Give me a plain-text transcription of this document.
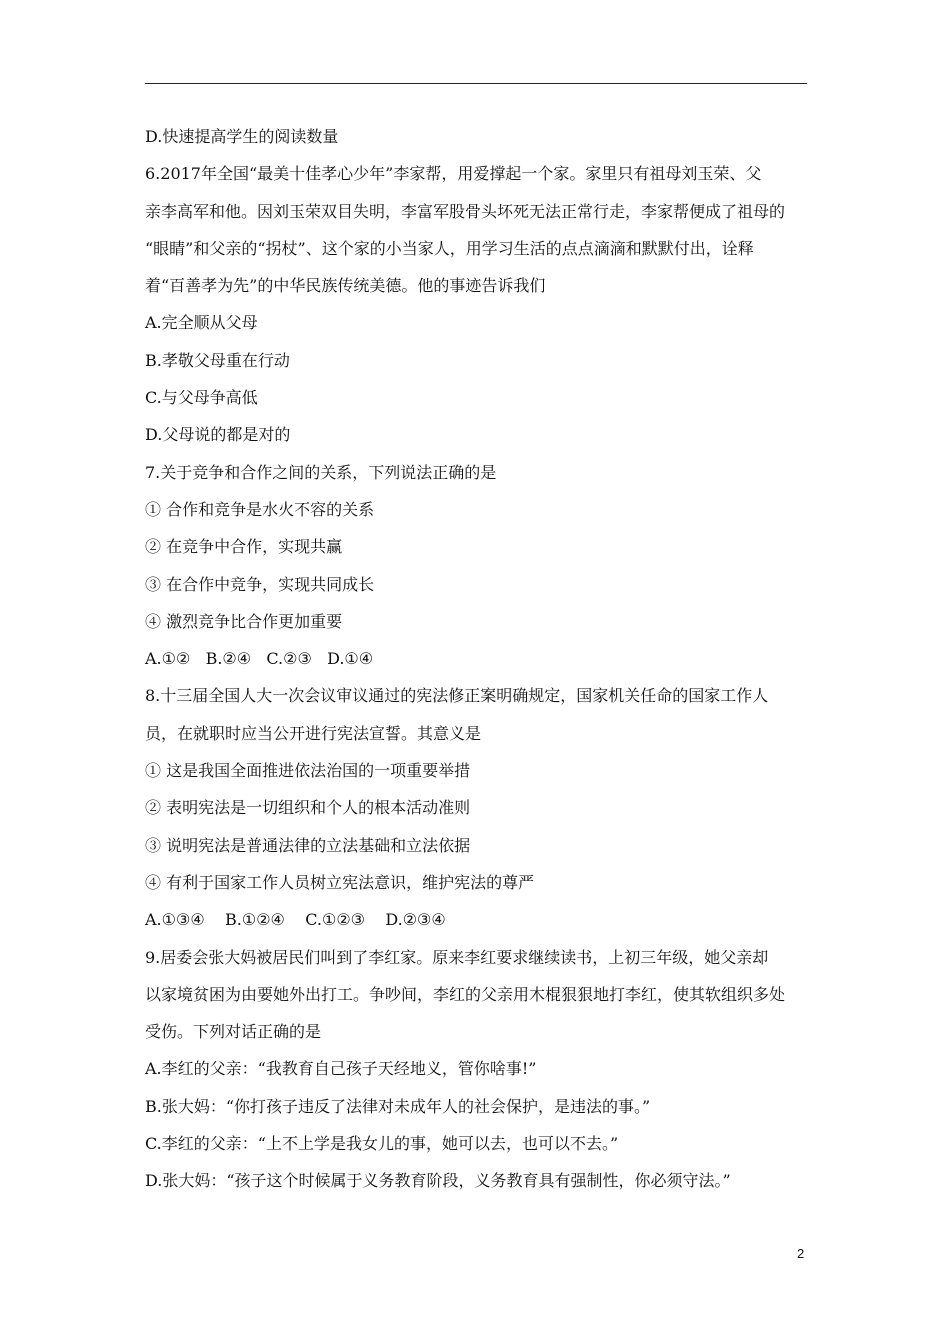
D.快速提高学生的阅读数量
6.2017年全国“最美十佳孝心少年”李家帮，用爱撑起一个家。家里只有祖母刘玉荣、父
亲李高军和他。因刘玉荣双目失明，李富军股骨头坏死无法正常行走，李家帮便成了祖母的
“眼睛”和父亲的“拐杖”、这个家的小当家人，用学习生活的点点滴滴和默默付出，诠释
着“百善孝为先”的中华民族传统美德。他的事迹告诉我们
A.完全顺从父母
B.孝敬父母重在行动
C.与父母争高低
D.父母说的都是对的
7.关于竞争和合作之间的关系，下列说法正确的是
① 合作和竞争是水火不容的关系
② 在竞争中合作，实现共赢
③ 在合作中竞争，实现共同成长
④ 激烈竞争比合作更加重要
A.①②   B.②④   C.②③   D.①④
8.十三届全国人大一次会议审议通过的宪法修正案明确规定，国家机关任命的国家工作人
员，在就职时应当公开进行宪法宣誓。其意义是
① 这是我国全面推进依法治国的一项重要举措
② 表明宪法是一切组织和个人的根本活动准则
③ 说明宪法是普通法律的立法基础和立法依据
④ 有利于国家工作人员树立宪法意识，维护宪法的尊严
A.①③④    B.①②④    C.①②③    D.②③④
9.居委会张大妈被居民们叫到了李红家。原来李红要求继续读书，上初三年级，她父亲却
以家境贫困为由要她外出打工。争吵间，李红的父亲用木棍狠狠地打李红，使其软组织多处
受伤。下列对话正确的是
A.李红的父亲：“我教育自己孩子天经地义，管你啥事!”
B.张大妈：“你打孩子违反了法律对未成年人的社会保护，是违法的事。”
C.李红的父亲：“上不上学是我女儿的事，她可以去，也可以不去。”
D.张大妈：“孩子这个时候属于义务教育阶段，义务教育具有强制性，你必须守法。”
2
